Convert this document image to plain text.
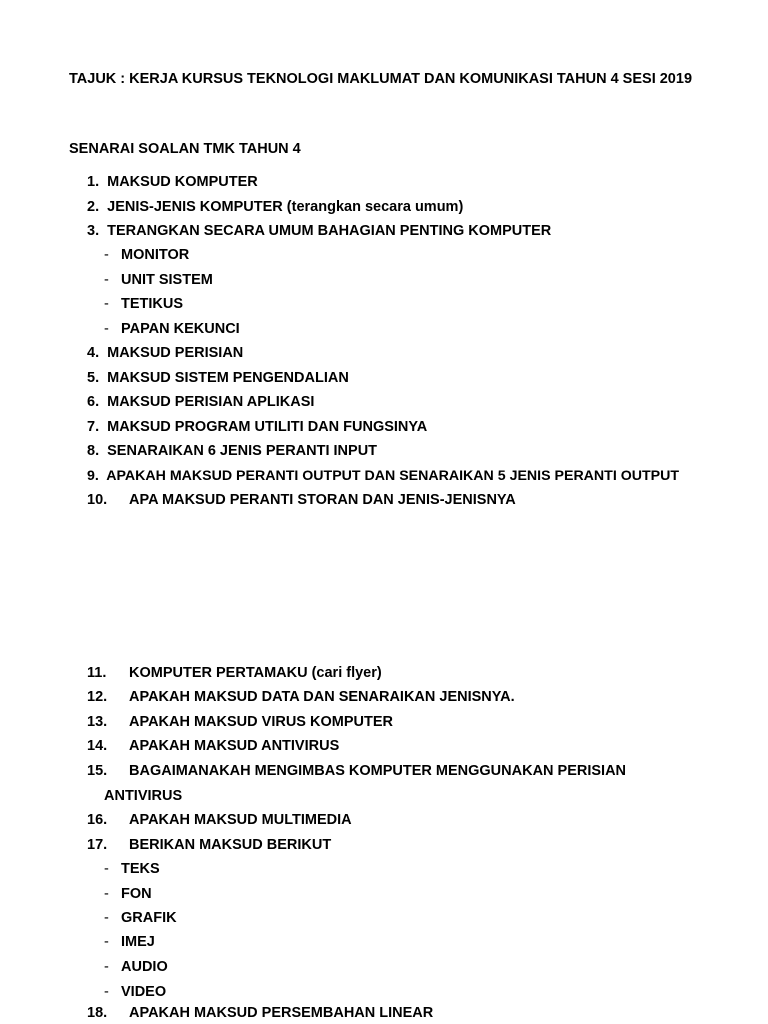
TAJUK : KERJA KURSUS TEKNOLOGI MAKLUMAT DAN KOMUNIKASI TAHUN 4 SESI 2019
SENARAI SOALAN TMK TAHUN 4
1. MAKSUD KOMPUTER
2. JENIS-JENIS KOMPUTER (terangkan secara umum)
3. TERANGKAN SECARA UMUM BAHAGIAN PENTING KOMPUTER
- MONITOR
- UNIT SISTEM
- TETIKUS
- PAPAN KEKUNCI
4. MAKSUD PERISIAN
5. MAKSUD SISTEM PENGENDALIAN
6. MAKSUD PERISIAN APLIKASI
7. MAKSUD PROGRAM UTILITI DAN FUNGSINYA
8. SENARAIKAN 6 JENIS PERANTI INPUT
9. APAKAH MAKSUD PERANTI OUTPUT DAN SENARAIKAN 5 JENIS PERANTI OUTPUT
10. APA MAKSUD PERANTI STORAN DAN JENIS-JENISNYA
11. KOMPUTER PERTAMAKU (cari flyer)
12. APAKAH MAKSUD DATA DAN SENARAIKAN JENISNYA.
13. APAKAH MAKSUD VIRUS KOMPUTER
14. APAKAH MAKSUD ANTIVIRUS
15. BAGAIMANAKAH MENGIMBAS KOMPUTER MENGGUNAKAN PERISIAN
ANTIVIRUS
16. APAKAH MAKSUD MULTIMEDIA
17. BERIKAN MAKSUD BERIKUT
- TEKS
- FON
- GRAFIK
- IMEJ
- AUDIO
- VIDEO
18. APAKAH MAKSUD PERSEMBAHAN LINEAR
